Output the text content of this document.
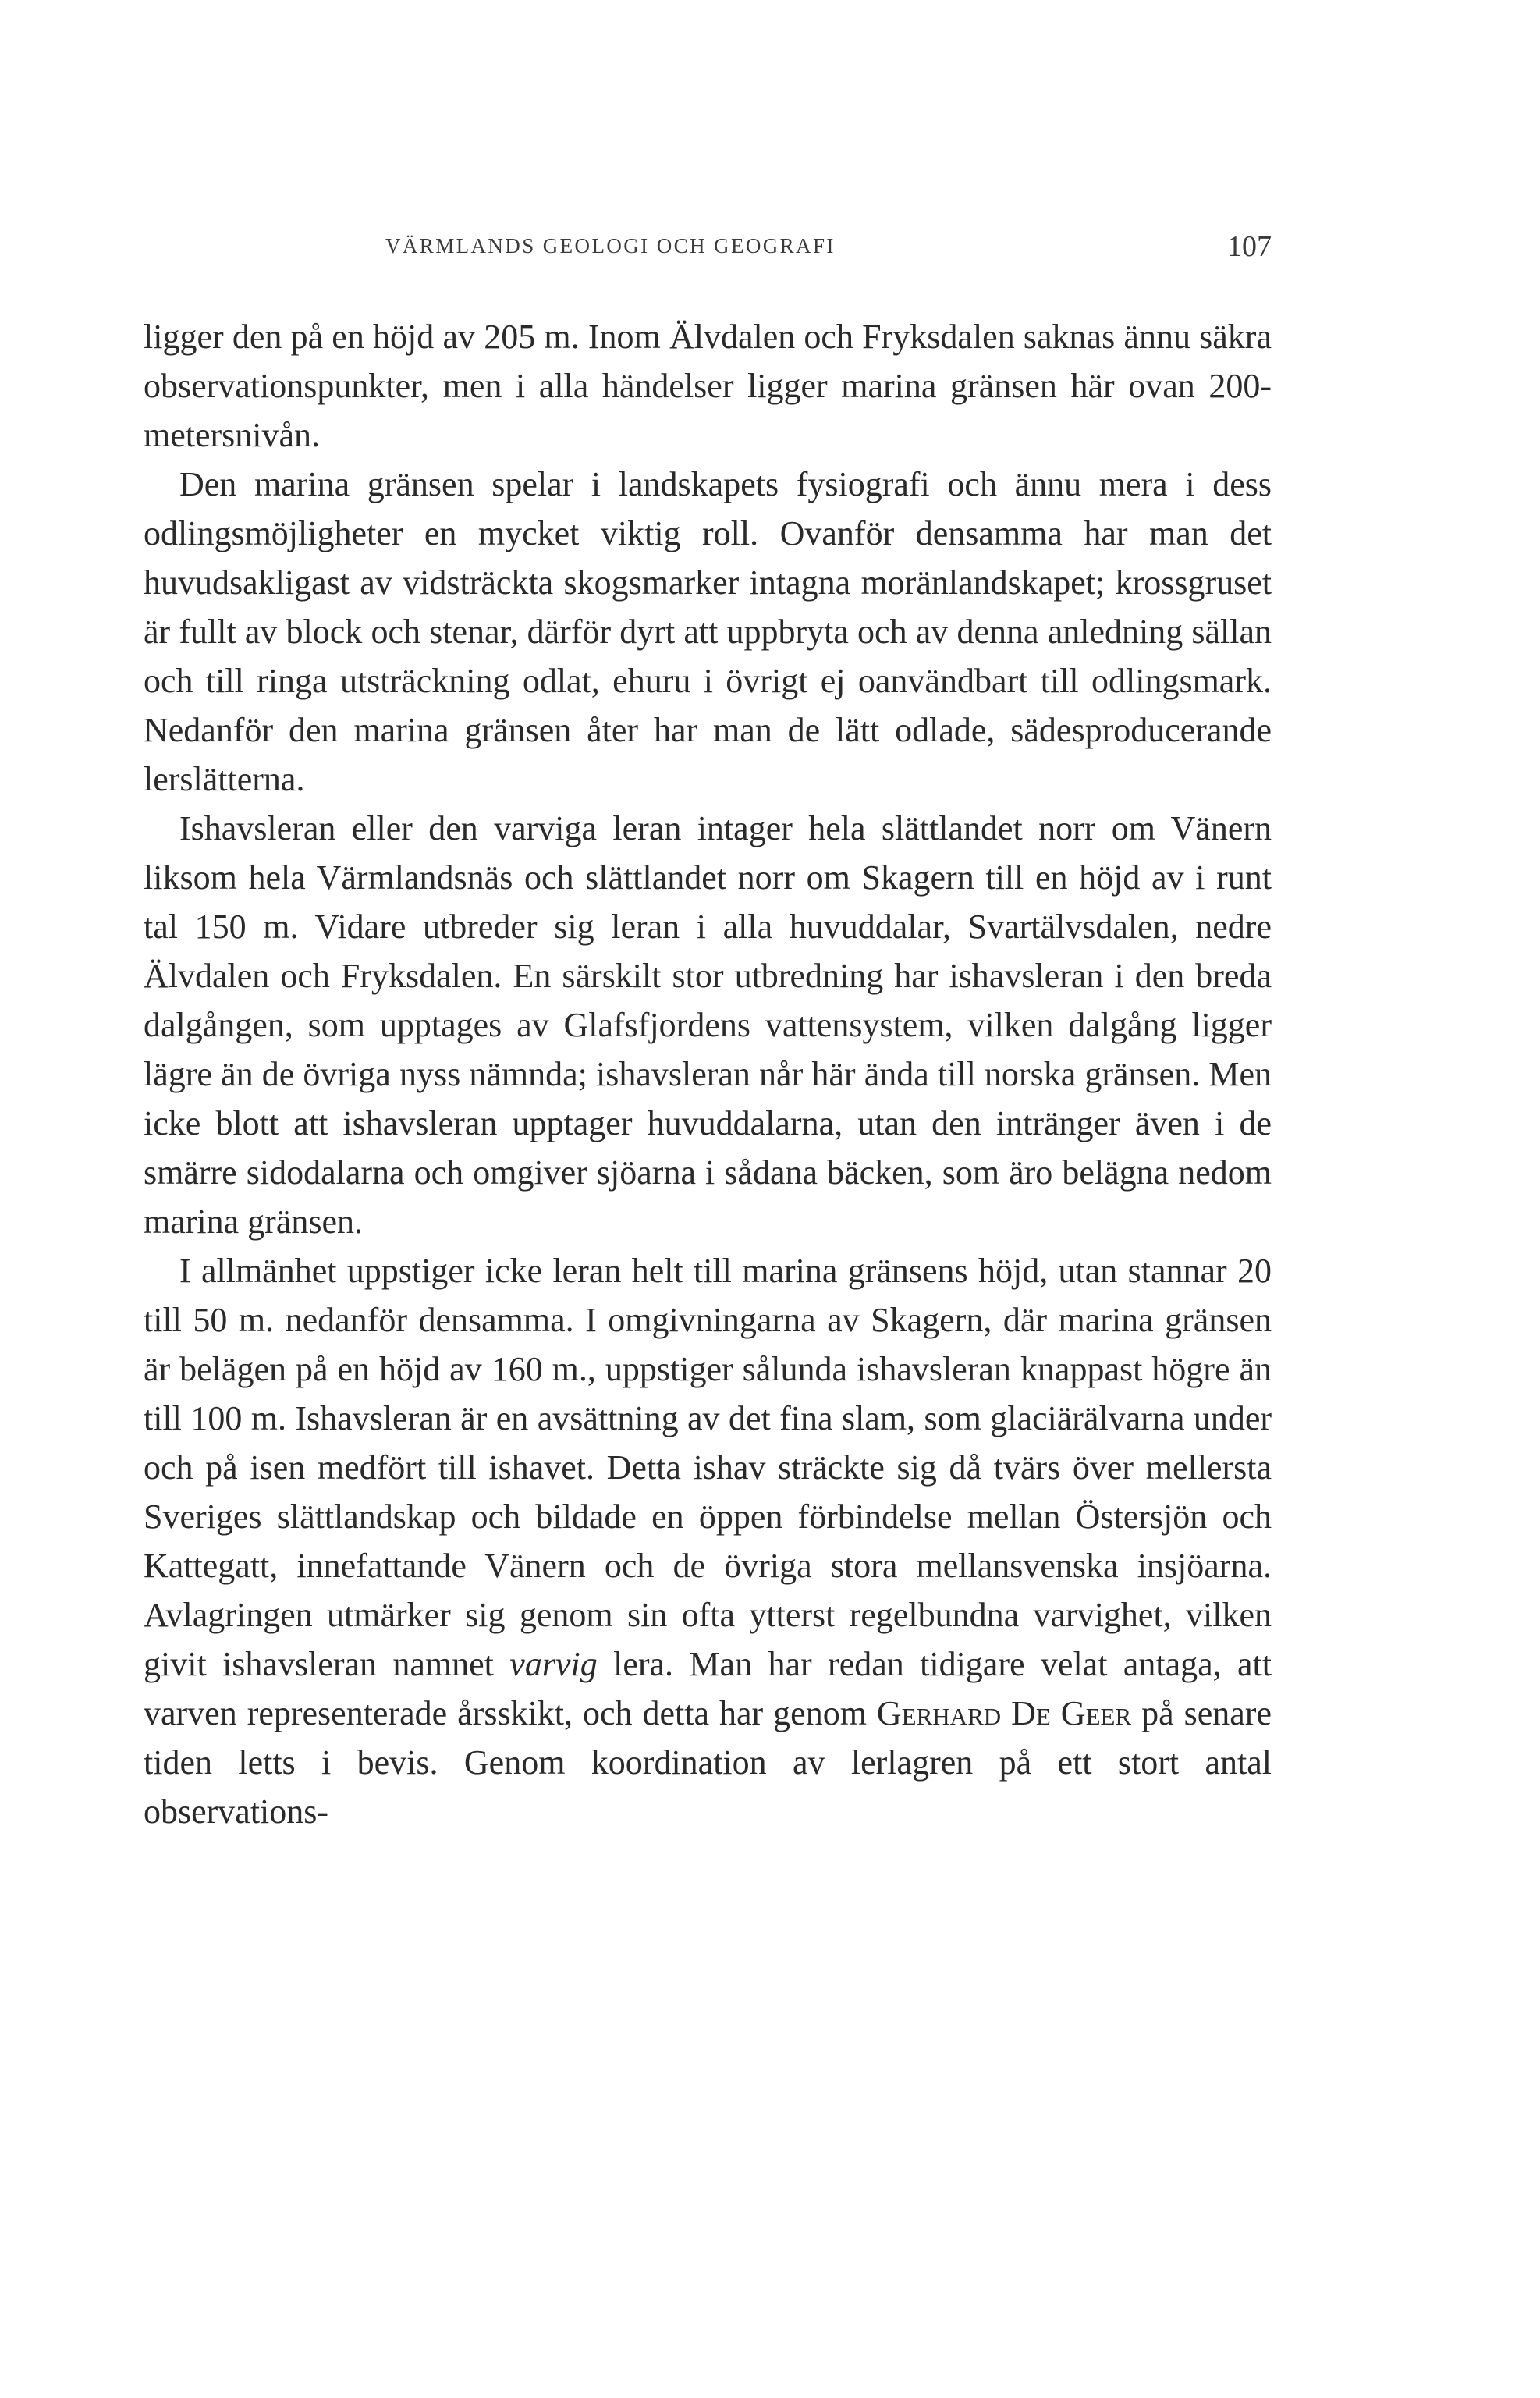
VÄRMLANDS GEOLOGI OCH GEOGRAFI	107

ligger den på en höjd av 205 m. Inom Älvdalen och Fryksdalen saknas ännu säkra observationspunkter, men i alla händelser ligger marina gränsen här ovan 200-metersnivån.

Den marina gränsen spelar i landskapets fysiografi och ännu mera i dess odlingsmöjligheter en mycket viktig roll. Ovanför densamma har man det huvudsakligast av vidsträckta skogsmarker intagna moränlandskapet; krossgruset är fullt av block och stenar, därför dyrt att uppbryta och av denna anledning sällan och till ringa utsträckning odlat, ehuru i övrigt ej oanvändbart till odlingsmark. Nedanför den marina gränsen åter har man de lätt odlade, sädesproducerande lerslätterna.

Ishavsleran eller den varviga leran intager hela slättlandet norr om Vänern liksom hela Värmlandsnäs och slättlandet norr om Skagern till en höjd av i runt tal 150 m. Vidare utbreder sig leran i alla huvuddalar, Svartälvsdalen, nedre Älvdalen och Fryksdalen. En särskilt stor utbredning har ishavsleran i den breda dalgången, som upptages av Glafsfjordens vattensystem, vilken dalgång ligger lägre än de övriga nyss nämnda; ishavsleran når här ända till norska gränsen. Men icke blott att ishavsleran upptager huvuddalarna, utan den intränger även i de smärre sidodalarna och omgiver sjöarna i sådana bäcken, som äro belägna nedom marina gränsen.

I allmänhet uppstiger icke leran helt till marina gränsens höjd, utan stannar 20 till 50 m. nedanför densamma. I omgivningarna av Skagern, där marina gränsen är belägen på en höjd av 160 m., uppstiger sålunda ishavsleran knappast högre än till 100 m. Ishavsleran är en avsättning av det fina slam, som glaciärälvarna under och på isen medfört till ishavet. Detta ishav sträckte sig då tvärs över mellersta Sveriges slättlandskap och bildade en öppen förbindelse mellan Östersjön och Kattegatt, innefattande Vänern och de övriga stora mellansvenska insjöarna. Avlagringen utmärker sig genom sin ofta ytterst regelbundna varvighet, vilken givit ishavsleran namnet varvig lera. Man har redan tidigare velat antaga, att varven representerade årsskikt, och detta har genom Gerhard De Geer på senare tiden letts i bevis. Genom koordination av lerlagren på ett stort antal observations-
